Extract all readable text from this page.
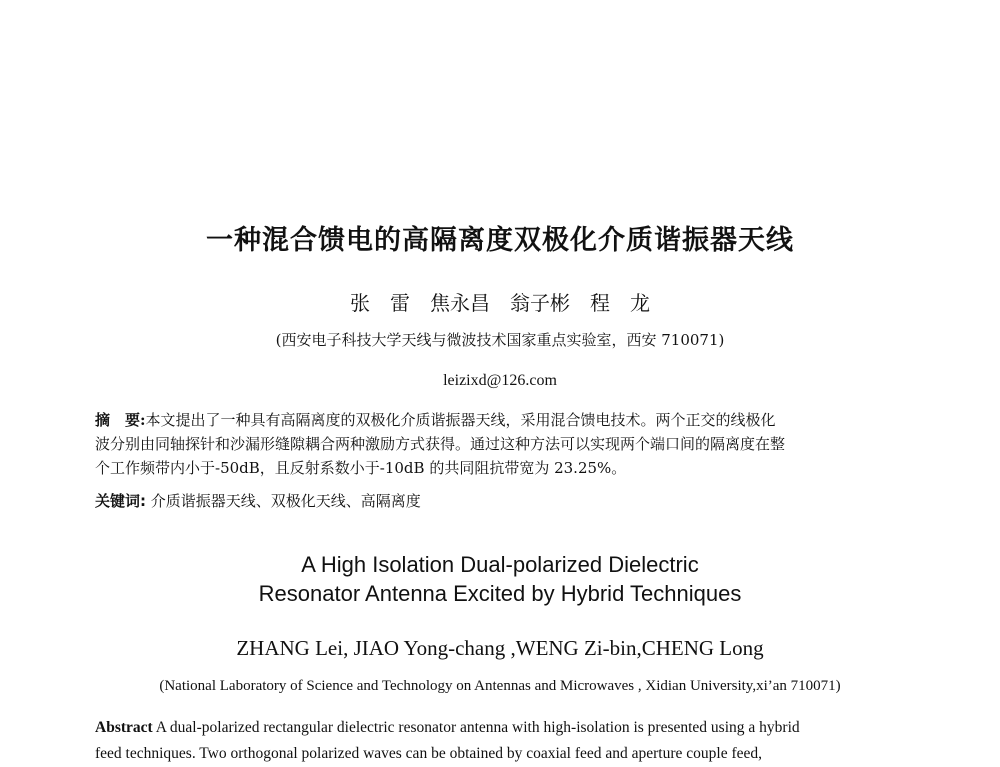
一种混合馈电的高隔离度双极化介质谐振器天线
张　雷　焦永昌　翁子彬　程　龙
(西安电子科技大学天线与微波技术国家重点实验室，西安 710071)
leizixd@126.com
摘　要:本文提出了一种具有高隔离度的双极化介质谐振器天线，采用混合馈电技术。两个正交的线极化
波分别由同轴探针和沙漏形缝隙耦合两种激励方式获得。通过这种方法可以实现两个端口间的隔离度在整
个工作频带内小于-50dB，且反射系数小于-10dB 的共同阻抗带宽为 23.25%。
关键词: 介质谐振器天线、双极化天线、高隔离度
A High Isolation Dual-polarized Dielectric
Resonator Antenna Excited by Hybrid Techniques
ZHANG Lei, JIAO Yong-chang ,WENG Zi-bin,CHENG Long
(National Laboratory of Science and Technology on Antennas and Microwaves , Xidian University,xi’an 710071)
Abstract A dual-polarized rectangular dielectric resonator antenna with high-isolation is presented using a hybrid
feed techniques. Two orthogonal polarized waves can be obtained by coaxial feed and aperture couple feed,
